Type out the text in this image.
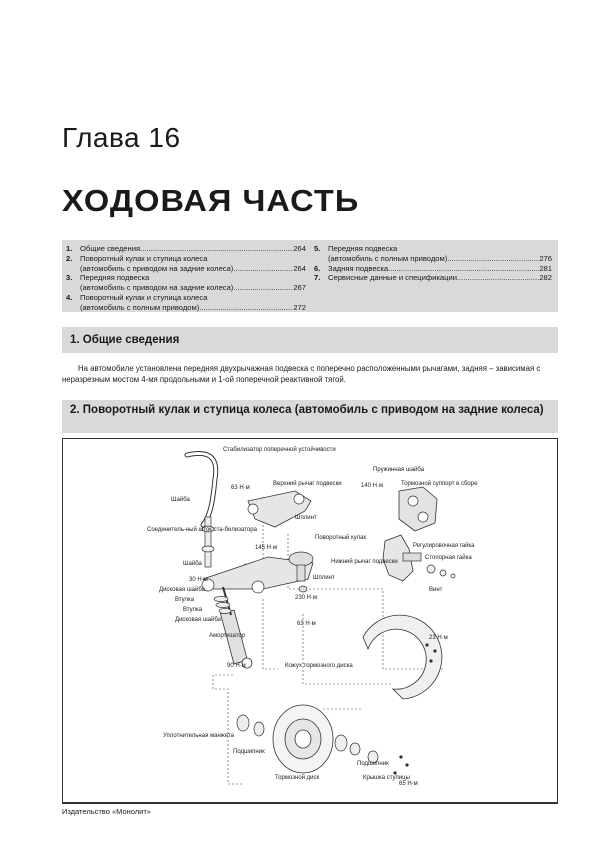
Глава 16
ХОДОВАЯ ЧАСТЬ
1.	Общие сведения .....	264
2.	Поворотный кулак и ступица колеса
(автомобиль с приводом на задние колеса) .....	264
3.	Передняя подвеска
(автомобиль с приводом на задние колеса) .....	267
4.	Поворотный кулак и ступица колеса
(автомобиль с полным приводом) .....	272
5.	Передняя подвеска
(автомобиль с полным приводом) .....	276
6.	Задняя подвеска .....	281
7.	Сервисные данные и спецификации .....	282
1. Общие сведения
На автомобиле установлена передняя двухрычажная подвеска с поперечно расположенными рычагами, задняя – зависимая с неразрезным мостом 4-мя продольными и 1-ой поперечной реактивной тягой.
2. Поворотный кулак и ступица колеса (автомобиль с приводом на задние колеса)
Стабилизатор поперечной устойчивости
Шайба
63 Н·м
Верхний рычаг подвески
Пружинная шайба
140 Н·м	Тормозной суппорт в сборе
Соединитель-ный шток ста-билизатора
Шплинт
Поворотный кулак
145 Н·м
Нижний рычаг подвески
Регулировочная гайка
Стопорная гайка
Шплинт
Шайба
30 Н·м
Дисковая шайба
Втулка
Втулка
Дисковая шайба
230 Н·м
Винт
63 Н·м
Амортизатор	23 Н·м
90 Н·м	Кожух тормозного диска
Уплотнительная манжета
Подшипник
Подшипник
Тормозной диск	Крышка ступицы
65 Н·м
Издательство «Монолит»
